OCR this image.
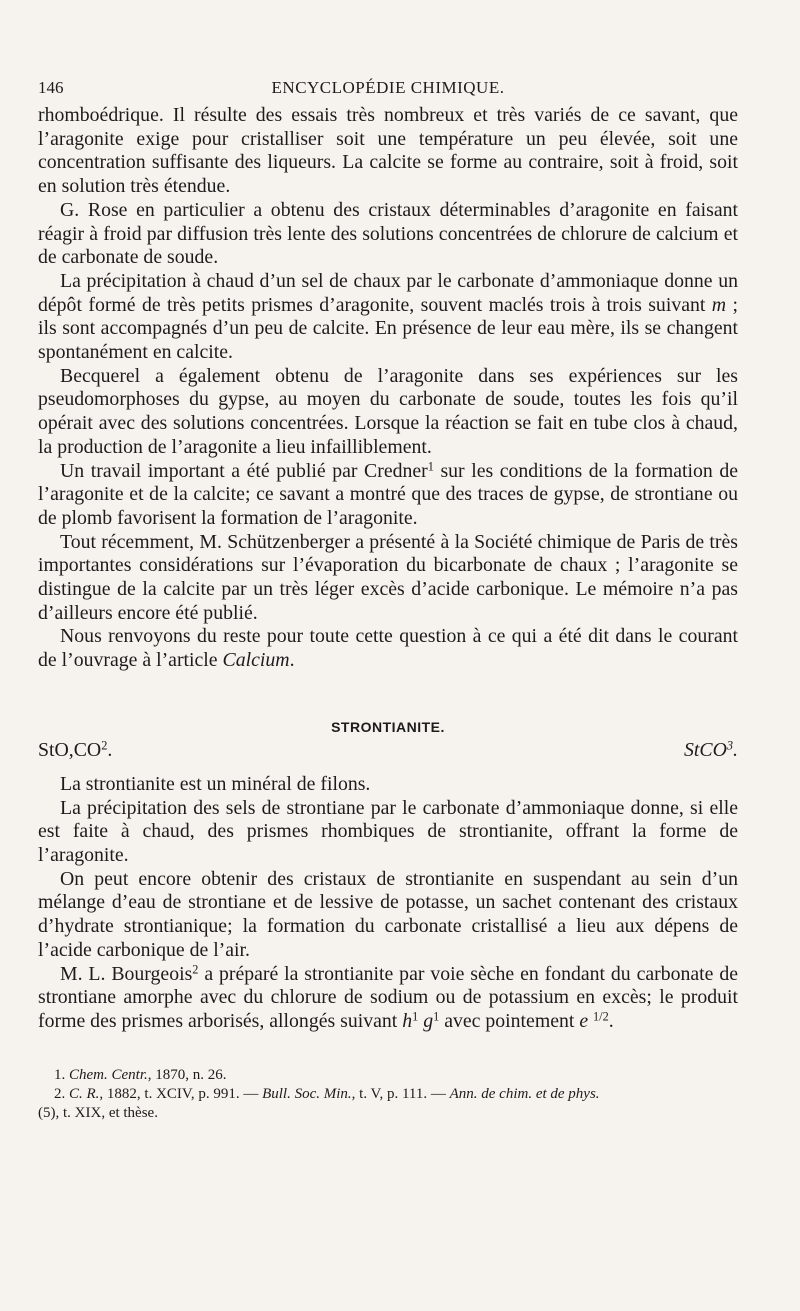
146	ENCYCLOPÉDIE CHIMIQUE.

rhomboédrique. Il résulte des essais très nombreux et très variés de ce savant, que l’aragonite exige pour cristalliser soit une température un peu élevée, soit une concentration suffisante des liqueurs. La calcite se forme au contraire, soit à froid, soit en solution très étendue.

G. Rose en particulier a obtenu des cristaux déterminables d’aragonite en faisant réagir à froid par diffusion très lente des solutions concentrées de chlorure de calcium et de carbonate de soude.

La précipitation à chaud d’un sel de chaux par le carbonate d’ammoniaque donne un dépôt formé de très petits prismes d’aragonite, souvent maclés trois à trois suivant m ; ils sont accompagnés d’un peu de calcite. En présence de leur eau mère, ils se changent spontanément en calcite.

Becquerel a également obtenu de l’aragonite dans ses expériences sur les pseudomorphoses du gypse, au moyen du carbonate de soude, toutes les fois qu’il opérait avec des solutions concentrées. Lorsque la réaction se fait en tube clos à chaud, la production de l’aragonite a lieu infailliblement.

Un travail important a été publié par Credner$^1$ sur les conditions de la formation de l’aragonite et de la calcite; ce savant a montré que des traces de gypse, de strontiane ou de plomb favorisent la formation de l’aragonite.

Tout récemment, M. Schützenberger a présenté à la Société chimique de Paris de très importantes considérations sur l’évaporation du bicarbonate de chaux ; l’aragonite se distingue de la calcite par un très léger excès d’acide carbonique. Le mémoire n’a pas d’ailleurs encore été publié.

Nous renvoyons du reste pour toute cette question à ce qui a été dit dans le courant de l’ouvrage à l’article Calcium.

STRONTIANITE.
$StO,CO^2$.	StCO$^3$.

La strontianite est un minéral de filons.

La précipitation des sels de strontiane par le carbonate d’ammoniaque donne, si elle est faite à chaud, des prismes rhombiques de strontianite, offrant la forme de l’aragonite.

On peut encore obtenir des cristaux de strontianite en suspendant au sein d’un mélange d’eau de strontiane et de lessive de potasse, un sachet contenant des cristaux d’hydrate strontianique; la formation du carbonate cristallisé a lieu aux dépens de l’acide carbonique de l’air.

M. L. Bourgeois$^2$ a préparé la strontianite par voie sèche en fondant du carbonate de strontiane amorphe avec du chlorure de sodium ou de potassium en excès; le produit forme des prismes arborisés, allongés suivant $h^1$ $g^1$ avec pointement e $^{1/2}$.

1. Chem. Centr., 1870, n. 26.

2. C. R., 1882, t. XCIV, p. 991. — Bull. Soc. Min., t. V, p. 111. — Ann. de chim. et de phys.

(5), t. XIX, et thèse.
